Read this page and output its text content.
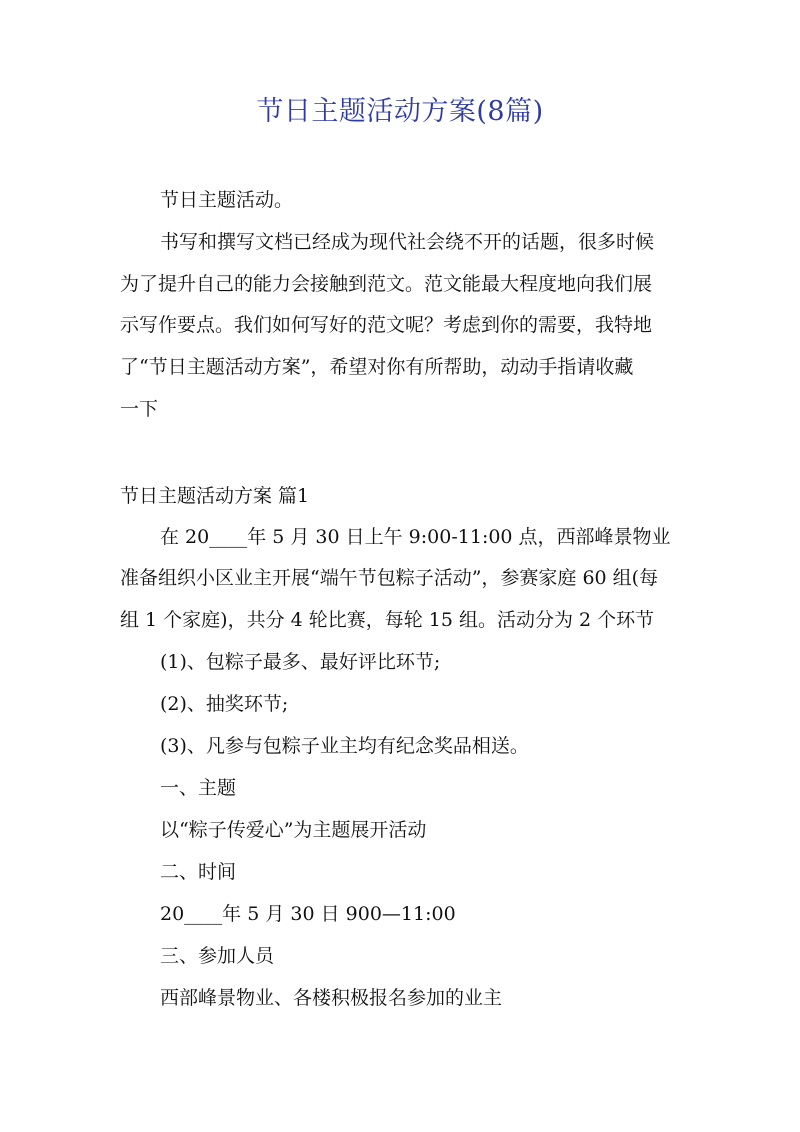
节日主题活动方案(8篇)
节日主题活动。
书写和撰写文档已经成为现代社会绕不开的话题，很多时候
为了提升自己的能力会接触到范文。范文能最大程度地向我们展
示写作要点。我们如何写好的范文呢？考虑到你的需要，我特地
了“节日主题活动方案”，希望对你有所帮助，动动手指请收藏
一下
节日主题活动方案 篇1
在 20____年 5 月 30 日上午 9:00-11:00 点，西部峰景物业
准备组织小区业主开展“端午节包粽子活动”，参赛家庭 60 组(每
组 1 个家庭)，共分 4 轮比赛，每轮 15 组。活动分为 2 个环节
(1)、包粽子最多、最好评比环节;
(2)、抽奖环节;
(3)、凡参与包粽子业主均有纪念奖品相送。
一、主题
以“粽子传爱心”为主题展开活动
二、时间
20____年 5 月 30 日 900—11:00
三、参加人员
西部峰景物业、各楼积极报名参加的业主
